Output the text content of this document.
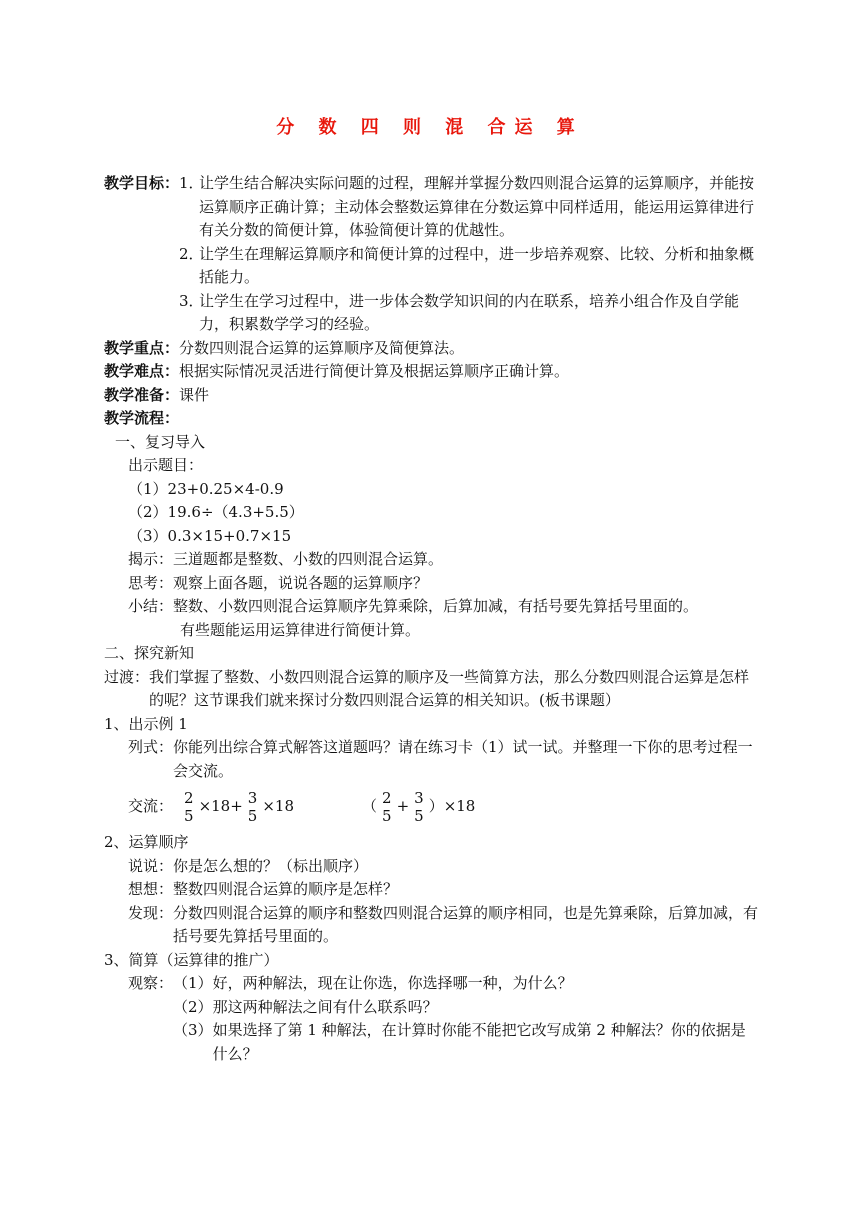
分 数 四 则 混 合运 算
教学目标： 1．
让学生结合解决实际问题的过程，理解并掌握分数四则混合运算的运算顺序，并能按运算顺序正确计算；主动体会整数运算律在分数运算中同样适用，能运用运算律进行有关分数的简便计算，体验简便计算的优越性。
2．
让学生在理解运算顺序和简便计算的过程中，进一步培养观察、比较、分析和抽象概括能力。
3．
让学生在学习过程中，进一步体会数学知识间的内在联系，培养小组合作及自学能力，积累数学学习的经验。
教学重点： 分数四则混合运算的运算顺序及简便算法。
教学难点： 根据实际情况灵活进行简便计算及根据运算顺序正确计算。
教学准备： 课件
教学流程：
一、复习导入
出示题目：
（1）23+0.25×4-0.9
（2）19.6÷（4.3+5.5）
（3）0.3×15+0.7×15
揭示： 三道题都是整数、小数的四则混合运算。
思考： 观察上面各题，说说各题的运算顺序？
小结： 整数、小数四则混合运算顺序先算乘除，后算加减，有括号要先算括号里面的。
有些题能运用运算律进行简便计算。
二、探究新知
过渡： 我们掌握了整数、小数四则混合运算的顺序及一些简算方法，那么分数四则混合运算是怎样的呢？这节课我们就来探讨分数四则混合运算的相关知识。(板书课题）
1、出示例 1
列式： 你能列出综合算式解答这道题吗？请在练习卡（1）试一试。并整理一下你的思考过程一会交流。
交流： 2
5
×18+ 3
5
×18	（ 2
5
+ 3
5
）×18
2、运算顺序
说说： 你是怎么想的？（标出顺序）
想想： 整数四则混合运算的顺序是怎样？
发现： 分数四则混合运算的顺序和整数四则混合运算的顺序相同，也是先算乘除，后算加减，有括号要先算括号里面的。
3、简算（运算律的推广）
观察： （1） 好，两种解法，现在让你选，你选择哪一种，为什么？
（2） 那这两种解法之间有什么联系吗？
（3） 如果选择了第 1 种解法，在计算时你能不能把它改写成第 2 种解法？你的依据是什么？
